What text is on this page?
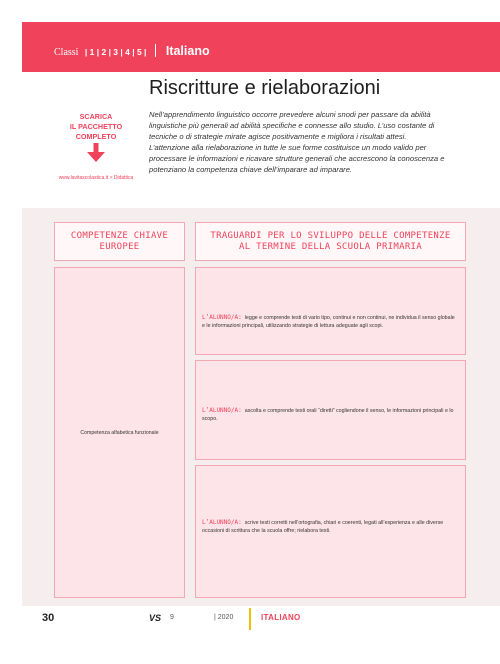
Classi | 1 | 2 | 3 | 4 | 5 | Italiano
Riscritture e rielaborazioni

Nell’apprendimento linguistico occorre prevedere alcuni snodi per passare da abilità linguistiche più generali ad abilità specifiche e connesse allo studio. L’uso costante di tecniche o di strategie mirate agisce positivamente e migliora i risultati attesi. L’attenzione alla rielaborazione in tutte le sue forme costituisce un modo valido per processare le informazioni e ricavare strutture generali che accrescono la conoscenza e potenziano la competenza chiave dell’imparare ad imparare.

SCARICA
IL PACCHETTO
COMPLETO
www.lavitascolastica.it > Didattica
COMPETENZE CHIAVE
EUROPEE
TRAGUARDI PER LO SVILUPPO DELLE COMPETENZE
AL TERMINE DELLA SCUOLA PRIMARIA
Competenza alfabetica funzionale

L’ALUNNO/A: legge e comprende testi di vario tipo, continui e non continui, ne individua il senso globale e le informazioni principali, utilizzando strategie di lettura adeguate agli scopi.

L’ALUNNO/A: ascolta e comprende testi orali “diretti” cogliendone il senso, le informazioni principali e lo scopo.

L’ALUNNO/A: scrive testi corretti nell’ortografia, chiari e coerenti, legati all’esperienza e alle diverse occasioni di scrittura che la scuola offre; rielabora testi.

30	VS 9	| 2020	ITALIANO
